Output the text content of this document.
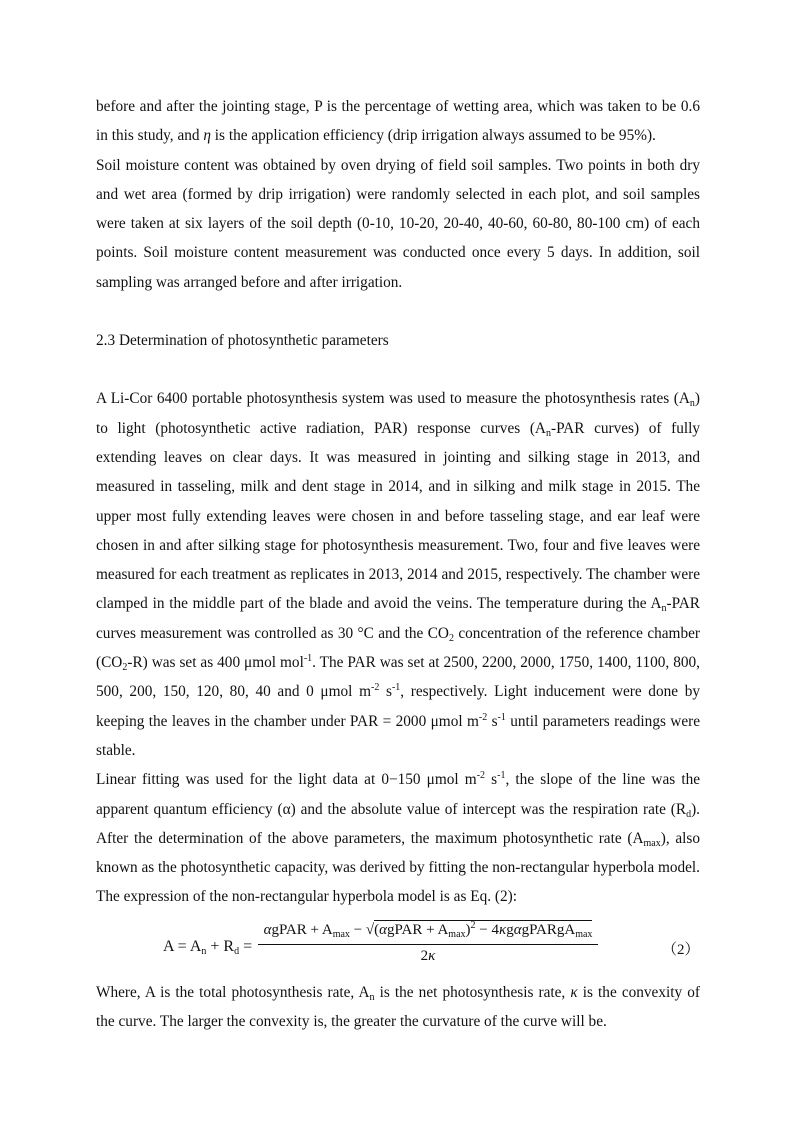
before and after the jointing stage, P is the percentage of wetting area, which was taken to be 0.6 in this study, and η is the application efficiency (drip irrigation always assumed to be 95%).

Soil moisture content was obtained by oven drying of field soil samples. Two points in both dry and wet area (formed by drip irrigation) were randomly selected in each plot, and soil samples were taken at six layers of the soil depth (0-10, 10-20, 20-40, 40-60, 60-80, 80-100 cm) of each points. Soil moisture content measurement was conducted once every 5 days. In addition, soil sampling was arranged before and after irrigation.

2.3 Determination of photosynthetic parameters

A Li-Cor 6400 portable photosynthesis system was used to measure the photosynthesis rates $(A_n)$ to light (photosynthetic active radiation, PAR) response curves ($A_n$-PAR curves) of fully extending leaves on clear days. It was measured in jointing and silking stage in 2013, and measured in tasseling, milk and dent stage in 2014, and in silking and milk stage in 2015. The upper most fully extending leaves were chosen in and before tasseling stage, and ear leaf were chosen in and after silking stage for photosynthesis measurement. Two, four and five leaves were measured for each treatment as replicates in 2013, 2014 and 2015, respectively. The chamber were clamped in the middle part of the blade and avoid the veins. The temperature during the $A_n$-PAR curves measurement was controlled as 30 °C and the $CO_2$ concentration of the reference chamber $(CO_2-R)$ was set as 400 μmol mol$^{-1}$. The PAR was set at 2500, 2200, 2000, 1750, 1400, 1100, 800, 500, 200, 150, 120, 80, 40 and 0 μmol $m^{-2}$ $s^{-1}$, respectively. Light inducement were done by keeping the leaves in the chamber under PAR = 2000 μmol $m^{-2}$ $s^{-1}$ until parameters readings were stable.

Linear fitting was used for the light data at 0−150 μmol $m^{-2}$ $s^{-1}$, the slope of the line was the apparent quantum efficiency (α) and the absolute value of intercept was the respiration rate $(R_d)$. After the determination of the above parameters, the maximum photosynthetic rate $(A_{max})$, also known as the photosynthetic capacity, was derived by fitting the non-rectangular hyperbola model. The expression of the non-rectangular hyperbola model is as Eq. (2):

$A = A_n + R_d$ =
αgPAR + $A_{max}$ − √(αgPAR + $A_{max})^2$ − 4κgαgPARgA$_{max}$
2κ	（2）

Where, A is the total photosynthesis rate, $A_n$ is the net photosynthesis rate, κ is the convexity of the curve. The larger the convexity is, the greater the curvature of the curve will be.
